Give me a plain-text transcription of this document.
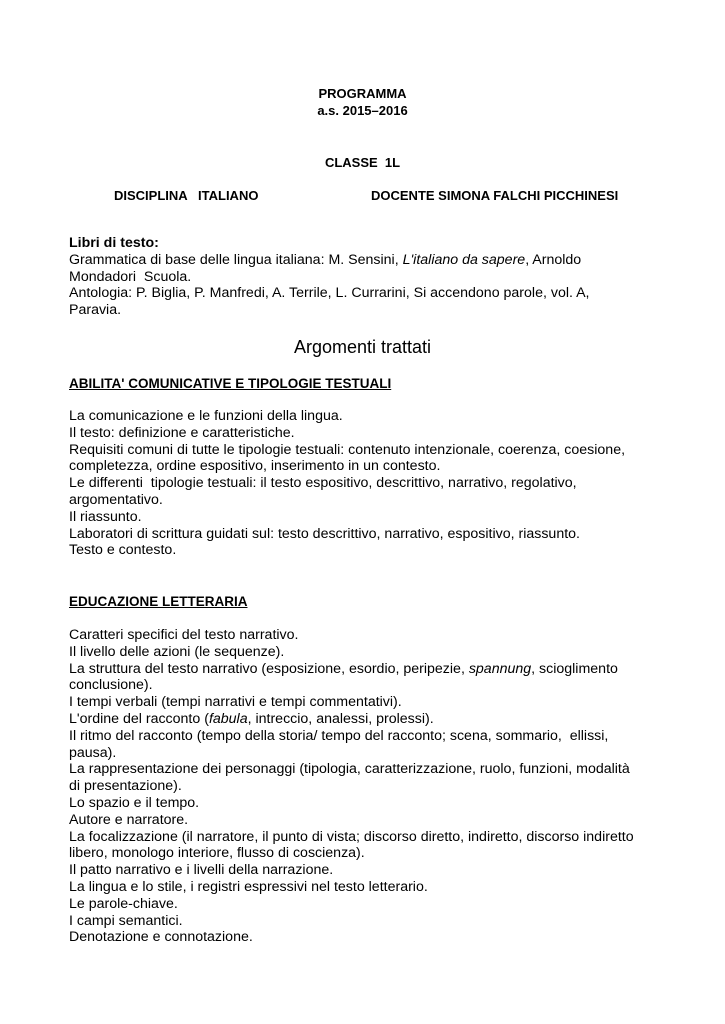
PROGRAMMA
a.s. 2015–2016
CLASSE  1L
DISCIPLINA   ITALIANO	DOCENTE SIMONA FALCHI PICCHINESI

Libri di testo:

Grammatica di base delle lingua italiana: M. Sensini, L'italiano da sapere, Arnoldo

Mondadori  Scuola.

Antologia: P. Biglia, P. Manfredi, A. Terrile, L. Currarini, Si accendono parole, vol. A,

Paravia.

Argomenti trattati
ABILITA' COMUNICATIVE E TIPOLOGIE TESTUALI
La comunicazione e le funzioni della lingua.
Il testo: definizione e caratteristiche.
Requisiti comuni di tutte le tipologie testuali: contenuto intenzionale, coerenza, coesione,
completezza, ordine espositivo, inserimento in un contesto.
Le differenti  tipologie testuali: il testo espositivo, descrittivo, narrativo, regolativo,
argomentativo.
Il riassunto.
Laboratori di scrittura guidati sul: testo descrittivo, narrativo, espositivo, riassunto.
Testo e contesto.
EDUCAZIONE LETTERARIA
Caratteri specifici del testo narrativo.
Il livello delle azioni (le sequenze).
La struttura del testo narrativo (esposizione, esordio, peripezie, spannung, scioglimento
conclusione).
I tempi verbali (tempi narrativi e tempi commentativi).
L'ordine del racconto (fabula, intreccio, analessi, prolessi).
Il ritmo del racconto (tempo della storia/ tempo del racconto; scena, sommario,  ellissi,
pausa).
La rappresentazione dei personaggi (tipologia, caratterizzazione, ruolo, funzioni, modalità
di presentazione).
Lo spazio e il tempo.
Autore e narratore.
La focalizzazione (il narratore, il punto di vista; discorso diretto, indiretto, discorso indiretto
libero, monologo interiore, flusso di coscienza).
Il patto narrativo e i livelli della narrazione.
La lingua e lo stile, i registri espressivi nel testo letterario.
Le parole-chiave.
I campi semantici.
Denotazione e connotazione.
